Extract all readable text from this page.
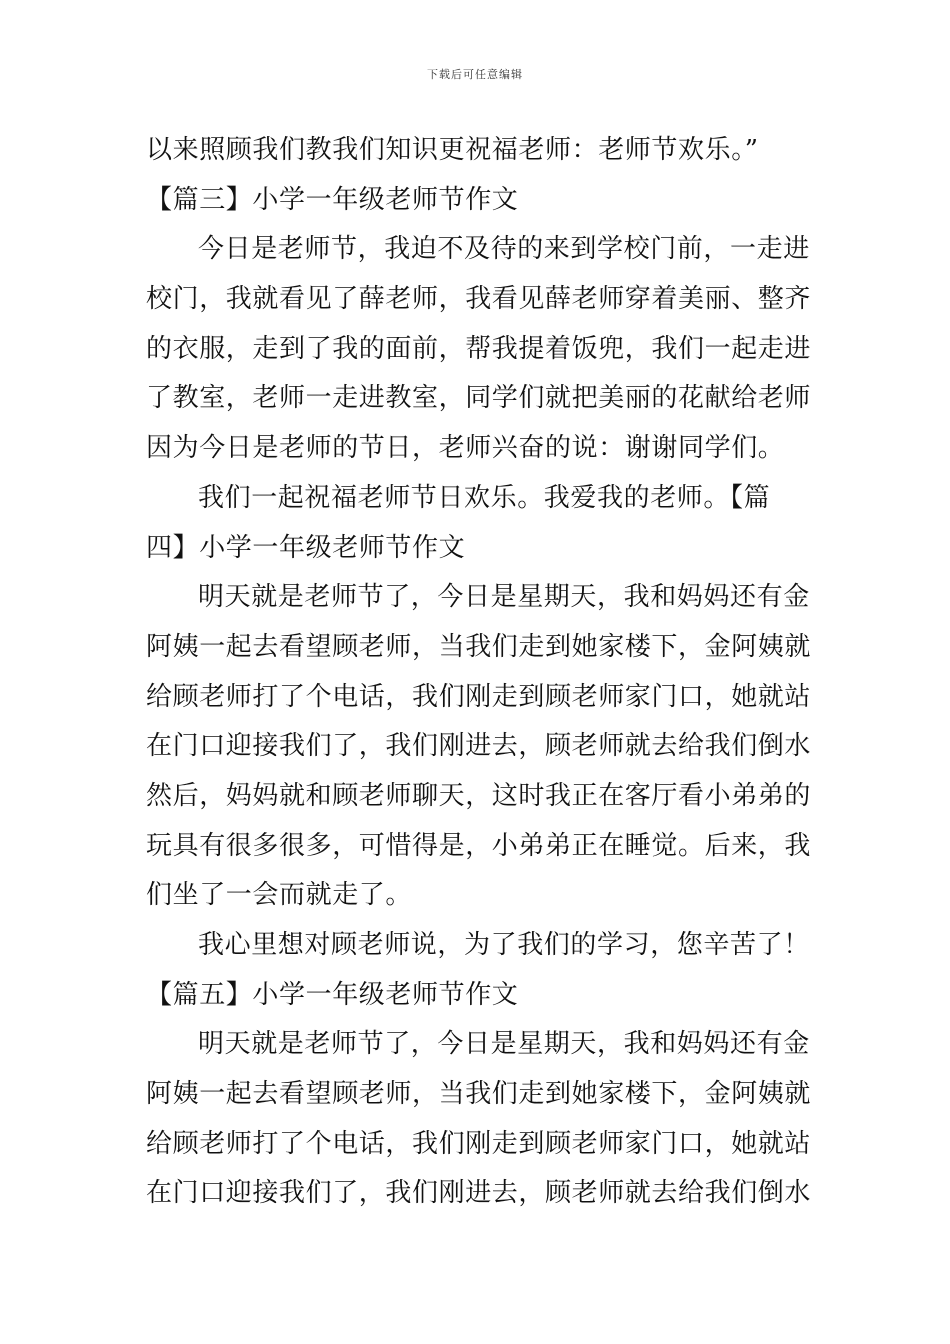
下载后可任意编辑
以来照顾我们教我们知识更祝福老师：老师节欢乐。”
【篇三】小学一年级老师节作文
今日是老师节，我迫不及待的来到学校门前，一走进
校门，我就看见了薛老师，我看见薛老师穿着美丽、整齐
的衣服，走到了我的面前，帮我提着饭兜，我们一起走进
了教室，老师一走进教室，同学们就把美丽的花献给老师
因为今日是老师的节日，老师兴奋的说：谢谢同学们。
我们一起祝福老师节日欢乐。我爱我的老师。【篇
四】小学一年级老师节作文
明天就是老师节了，今日是星期天，我和妈妈还有金
阿姨一起去看望顾老师，当我们走到她家楼下，金阿姨就
给顾老师打了个电话，我们刚走到顾老师家门口，她就站
在门口迎接我们了，我们刚进去，顾老师就去给我们倒水
然后，妈妈就和顾老师聊天，这时我正在客厅看小弟弟的
玩具有很多很多，可惜得是，小弟弟正在睡觉。后来，我
们坐了一会而就走了。
我心里想对顾老师说，为了我们的学习，您辛苦了！
【篇五】小学一年级老师节作文
明天就是老师节了，今日是星期天，我和妈妈还有金
阿姨一起去看望顾老师，当我们走到她家楼下，金阿姨就
给顾老师打了个电话，我们刚走到顾老师家门口，她就站
在门口迎接我们了，我们刚进去，顾老师就去给我们倒水
